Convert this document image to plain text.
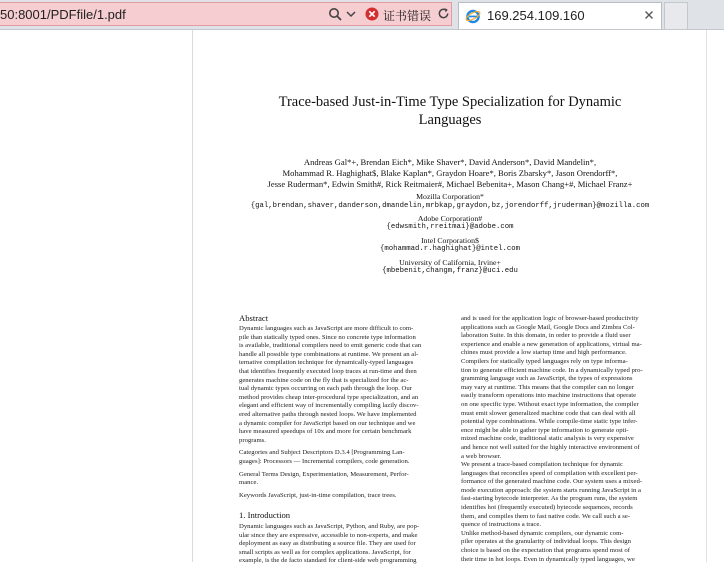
50:8001/PDFfile/1.pdf	证书错误	169.254.109.160
Trace-based Just-in-Time Type Specialization for Dynamic
Languages
Andreas Gal*+, Brendan Eich*, Mike Shaver*, David Anderson*, David Mandelin*,
Mohammad R. Haghighat$, Blake Kaplan*, Graydon Hoare*, Boris Zbarsky*, Jason Orendorff*,
Jesse Ruderman*, Edwin Smith#, Rick Reitmaier#, Michael Bebenita+, Mason Chang+#, Michael Franz+
Mozilla Corporation*
{gal,brendan,shaver,danderson,dmandelin,mrbkap,graydon,bz,jorendorff,jruderman}@mozilla.com
Adobe Corporation#
{edwsmith,rreitmai}@adobe.com
Intel Corporation$
{mohammad.r.haghighat}@intel.com
University of California, Irvine+
{mbebenit,changm,franz}@uci.edu
Abstract
Dynamic languages such as JavaScript are more difficult to com-
pile than statically typed ones. Since no concrete type information
is available, traditional compilers need to emit generic code that can
handle all possible type combinations at runtime. We present an al-
ternative compilation technique for dynamically-typed languages
that identifies frequently executed loop traces at run-time and then
generates machine code on the fly that is specialized for the ac-
tual dynamic types occurring on each path through the loop. Our
method provides cheap inter-procedural type specialization, and an
elegant and efficient way of incrementally compiling lazily discov-
ered alternative paths through nested loops. We have implemented
a dynamic compiler for JavaScript based on our technique and we
have measured speedups of 10x and more for certain benchmark
programs.
Categories and Subject Descriptors D.3.4 [Programming Lan-
guages]: Processors — Incremental compilers, code generation.
General Terms Design, Experimentation, Measurement, Perfor-
mance.
Keywords JavaScript, just-in-time compilation, trace trees.
1. Introduction
Dynamic languages such as JavaScript, Python, and Ruby, are pop-
ular since they are expressive, accessible to non-experts, and make
deployment as easy as distributing a source file. They are used for
small scripts as well as for complex applications. JavaScript, for
example, is the de facto standard for client-side web programming
and is used for the application logic of browser-based productivity
applications such as Google Mail, Google Docs and Zimbra Col-
laboration Suite. In this domain, in order to provide a fluid user
experience and enable a new generation of applications, virtual ma-
chines must provide a low startup time and high performance.
Compilers for statically typed languages rely on type informa-
tion to generate efficient machine code. In a dynamically typed pro-
gramming language such as JavaScript, the types of expressions
may vary at runtime. This means that the compiler can no longer
easily transform operations into machine instructions that operate
on one specific type. Without exact type information, the compiler
must emit slower generalized machine code that can deal with all
potential type combinations. While compile-time static type infer-
ence might be able to gather type information to generate opti-
mized machine code, traditional static analysis is very expensive
and hence not well suited for the highly interactive environment of
a web browser.
We present a trace-based compilation technique for dynamic
languages that reconciles speed of compilation with excellent per-
formance of the generated machine code. Our system uses a mixed-
mode execution approach: the system starts running JavaScript in a
fast-starting bytecode interpreter. As the program runs, the system
identifies hot (frequently executed) bytecode sequences, records
them, and compiles them to fast native code. We call such a se-
quence of instructions a trace.
Unlike method-based dynamic compilers, our dynamic com-
piler operates at the granularity of individual loops. This design
choice is based on the expectation that programs spend most of
their time in hot loops. Even in dynamically typed languages, we
